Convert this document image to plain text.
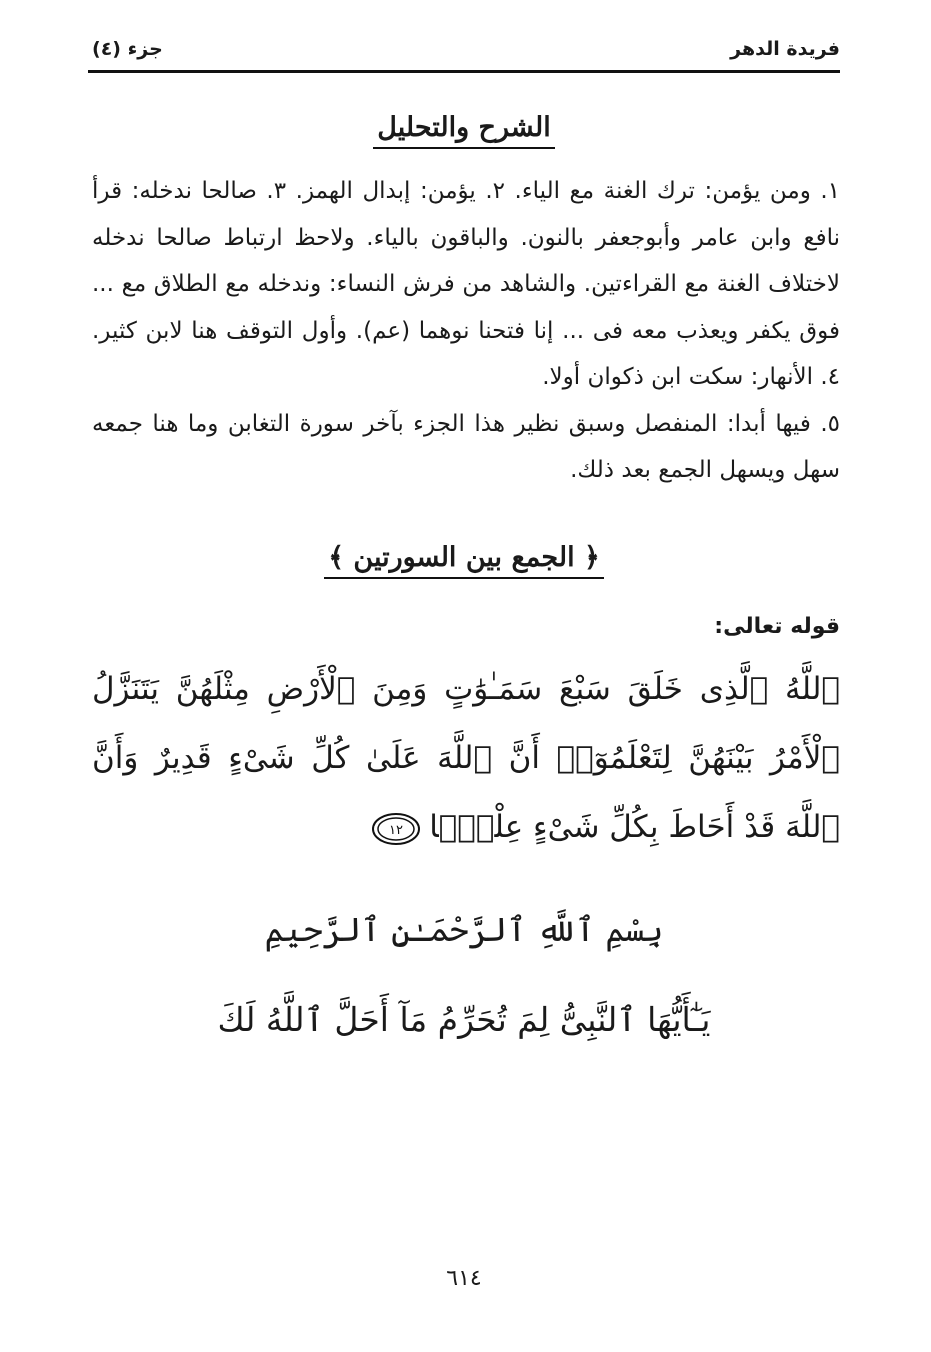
فريدة الدهر
جزء (٤)
الشرح والتحليل
١. ومن يؤمن: ترك الغنة مع الياء. ٢. يؤمن: إبدال الهمز. ٣. صالحا ندخله: قرأ نافع وابن عامر وأبوجعفر بالنون. والباقون بالياء. ولاحظ ارتباط صالحا ندخله لاختلاف الغنة مع القراءتين. والشاهد من فرش النساء: وندخله مع الطلاق مع ... فوق يكفر ويعذب معه فى ... إنا فتحنا نوهما (عم). وأول التوقف هنا لابن كثير. ٤. الأنهار: سكت ابن ذكوان أولا.
٥. فيها أبدا: المنفصل وسبق نظير هذا الجزء بآخر سورة التغابن وما هنا جمعه سهل ويسهل الجمع بعد ذلك.
﴿ الجمع بين السورتين ﴾
قوله تعالى:
ٱللَّهُ ٱلَّذِى خَلَقَ سَبْعَ سَمَـٰوَٰتٍ وَمِنَ ٱلْأَرْضِ مِثْلَهُنَّ يَتَنَزَّلُ ٱلْأَمْرُ بَيْنَهُنَّ لِتَعْلَمُوٓا۟ أَنَّ ٱللَّهَ عَلَىٰ كُلِّ شَىْءٍ قَدِيرٌ وَأَنَّ ٱللَّهَ قَدْ أَحَاطَ بِكُلِّ شَىْءٍ عِلْمًۢا
١٢
بِسْمِ ٱللَّهِ ٱلرَّحْمَـٰنِ ٱلرَّحِيمِ
يَـٰٓأَيُّهَا ٱلنَّبِىُّ لِمَ تُحَرِّمُ مَآ أَحَلَّ ٱللَّهُ لَكَ
٦١٤
